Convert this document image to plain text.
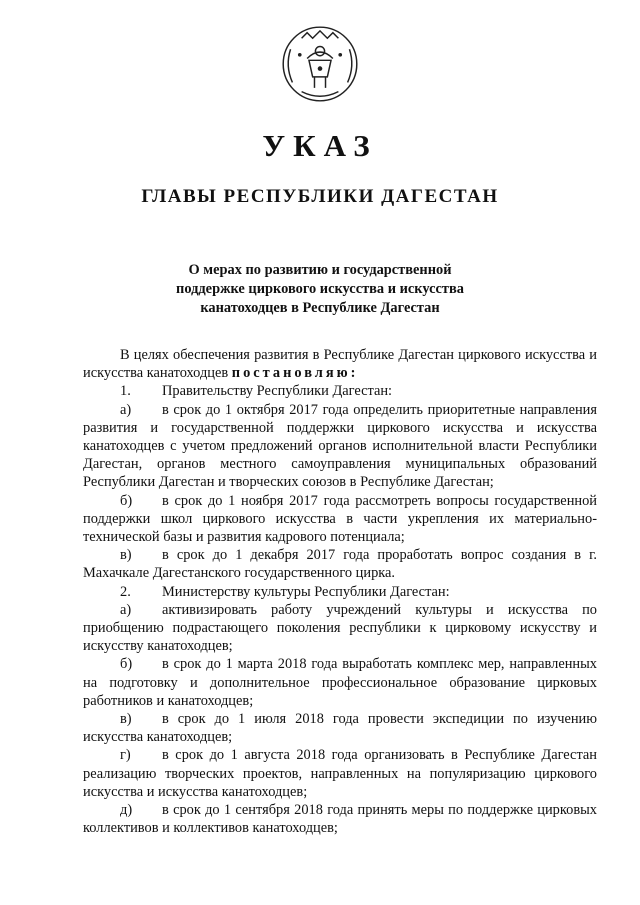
УКАЗ
ГЛАВЫ РЕСПУБЛИКИ ДАГЕСТАН
О мерах по развитию и государственной
поддержке циркового искусства и искусства
канатоходцев в Республике Дагестан

В целях обеспечения развития в Республике Дагестан циркового искусства и искусства канатоходцев постановляю:

1. Правительству Республики Дагестан:

а) в срок до 1 октября 2017 года определить приоритетные направления развития и государственной поддержки циркового искусства и искусства канатоходцев с учетом предложений органов исполнительной власти Республики Дагестан, органов местного самоуправления муниципальных образований Республики Дагестан и творческих союзов в Республике Дагестан;

б) в срок до 1 ноября 2017 года рассмотреть вопросы государственной поддержки школ циркового искусства в части укрепления их материально-технической базы и развития кадрового потенциала;

в) в срок до 1 декабря 2017 года проработать вопрос создания в г. Махачкале Дагестанского государственного цирка.

2. Министерству культуры Республики Дагестан:

а) активизировать работу учреждений культуры и искусства по приобщению подрастающего поколения республики к цирковому искусству и искусству канатоходцев;

б) в срок до 1 марта 2018 года выработать комплекс мер, направленных на подготовку и дополнительное профессиональное образование цирковых работников и канатоходцев;

в) в срок до 1 июля 2018 года провести экспедиции по изучению искусства канатоходцев;

г) в срок до 1 августа 2018 года организовать в Республике Дагестан реализацию творческих проектов, направленных на популяризацию циркового искусства и искусства канатоходцев;

д) в срок до 1 сентября 2018 года принять меры по поддержке цирковых коллективов и коллективов канатоходцев;
